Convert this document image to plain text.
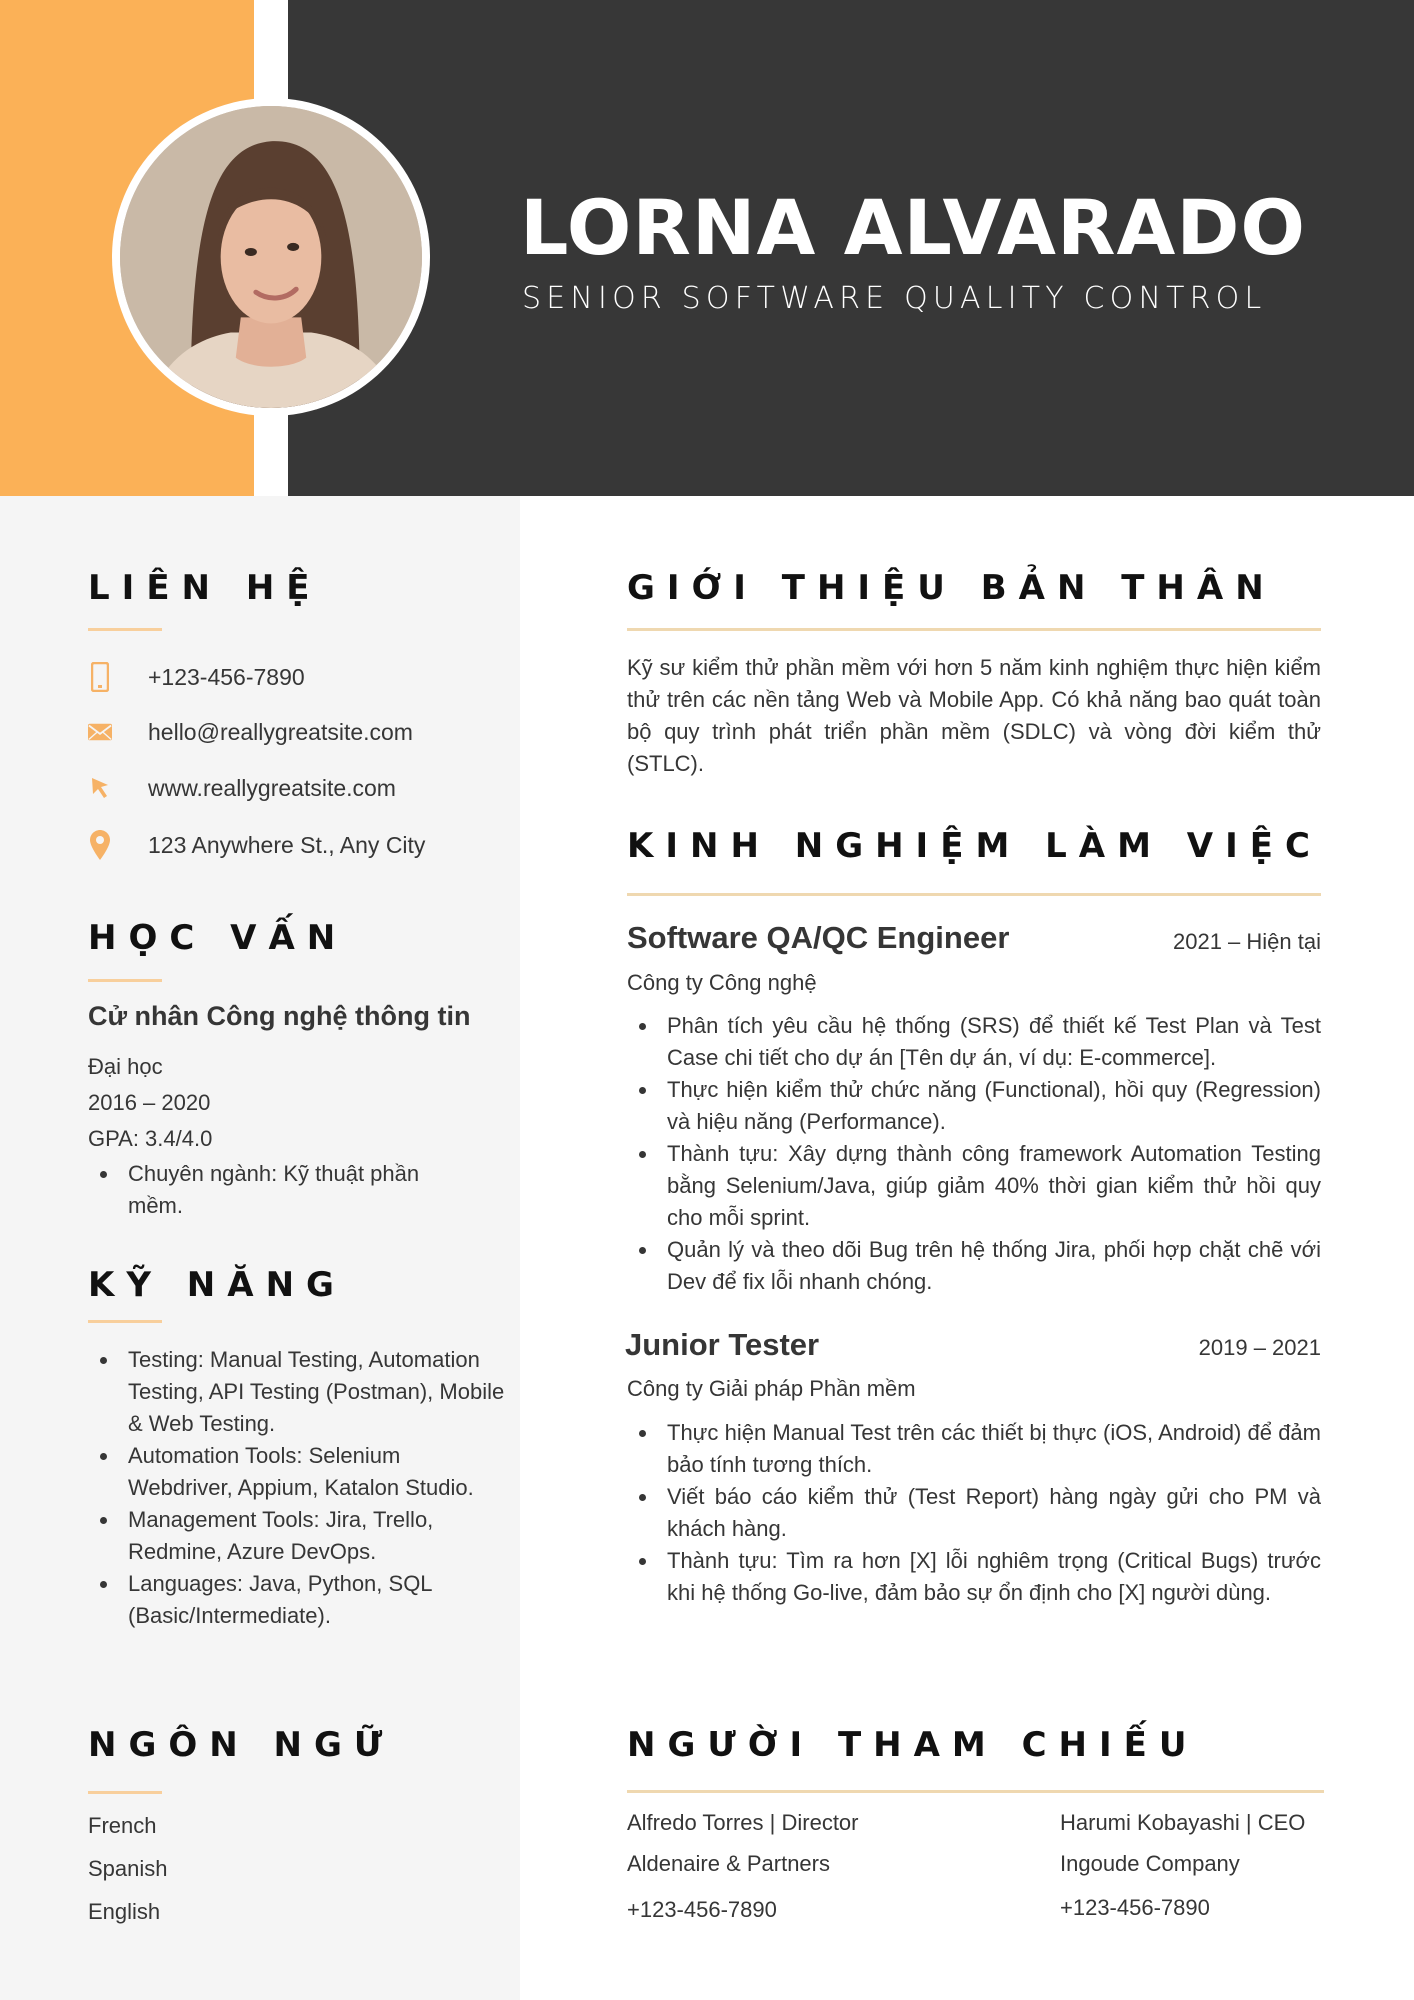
LORNA ALVARADO
SENIOR SOFTWARE QUALITY CONTROL
LIÊN HỆ
+123-456-7890
hello@reallygreatsite.com
www.reallygreatsite.com
123 Anywhere St., Any City
HỌC VẤN
Cử nhân Công nghệ thông tin
Đại học
2016 – 2020
GPA: 3.4/4.0
Chuyên ngành: Kỹ thuật phần mềm.
KỸ NĂNG
Testing: Manual Testing, Automation Testing, API Testing (Postman), Mobile & Web Testing.
Automation Tools: Selenium Webdriver, Appium, Katalon Studio.
Management Tools: Jira, Trello, Redmine, Azure DevOps.
Languages: Java, Python, SQL (Basic/Intermediate).
NGÔN NGỮ
French
Spanish
English
GIỚI THIỆU BẢN THÂN

Kỹ sư kiểm thử phần mềm với hơn 5 năm kinh nghiệm thực hiện kiểm thử trên các nền tảng Web và Mobile App. Có khả năng bao quát toàn bộ quy trình phát triển phần mềm (SDLC) và vòng đời kiểm thử (STLC).

KINH NGHIỆM LÀM VIỆC
Software QA/QC Engineer	2021 – Hiện tại
Công ty Công nghệ
Phân tích yêu cầu hệ thống (SRS) để thiết kế Test Plan và Test Case chi tiết cho dự án [Tên dự án, ví dụ: E-commerce].
Thực hiện kiểm thử chức năng (Functional), hồi quy (Regression) và hiệu năng (Performance).
Thành tựu: Xây dựng thành công framework Automation Testing bằng Selenium/Java, giúp giảm 40% thời gian kiểm thử hồi quy cho mỗi sprint.
Quản lý và theo dõi Bug trên hệ thống Jira, phối hợp chặt chẽ với Dev để fix lỗi nhanh chóng.
Junior Tester	2019 – 2021
Công ty Giải pháp Phần mềm
Thực hiện Manual Test trên các thiết bị thực (iOS, Android) để đảm bảo tính tương thích.
Viết báo cáo kiểm thử (Test Report) hàng ngày gửi cho PM và khách hàng.
Thành tựu: Tìm ra hơn [X] lỗi nghiêm trọng (Critical Bugs) trước khi hệ thống Go-live, đảm bảo sự ổn định cho [X] người dùng.
NGƯỜI THAM CHIẾU
Alfredo Torres | Director
Aldenaire & Partners
+123-456-7890
Harumi Kobayashi | CEO
Ingoude Company
+123-456-7890
